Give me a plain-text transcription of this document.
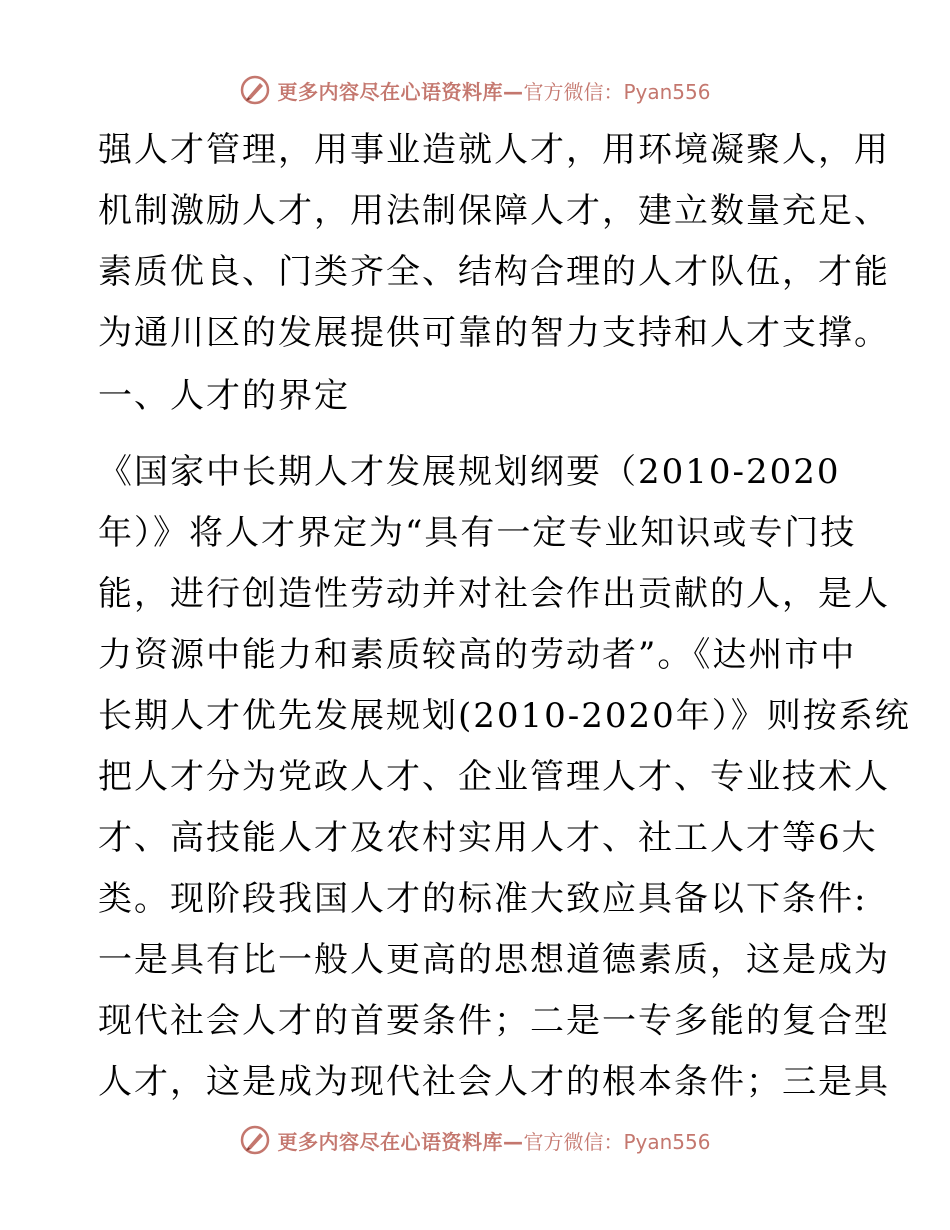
更多内容尽在心语资料库— 官方微信：Pyan556
强人才管理，用事业造就人才，用环境凝聚人，用
机制激励人才，用法制保障人才，建立数量充足、
素质优良、门类齐全、结构合理的人才队伍，才能
为通川区的发展提供可靠的智力支持和人才支撑。
一、人才的界定
《国家中长期人才发展规划纲要（2010-2020
年）》将人才界定为“具有一定专业知识或专门技
能，进行创造性劳动并对社会作出贡献的人，是人
力资源中能力和素质较高的劳动者”。《达州市中
长期人才优先发展规划(2010-2020年）》则按系统
把人才分为党政人才、企业管理人才、专业技术人
才、高技能人才及农村实用人才、社工人才等6大
类。现阶段我国人才的标准大致应具备以下条件:
一是具有比一般人更高的思想道德素质，这是成为
现代社会人才的首要条件；二是一专多能的复合型
人才，这是成为现代社会人才的根本条件；三是具
更多内容尽在心语资料库— 官方微信：Pyan556
